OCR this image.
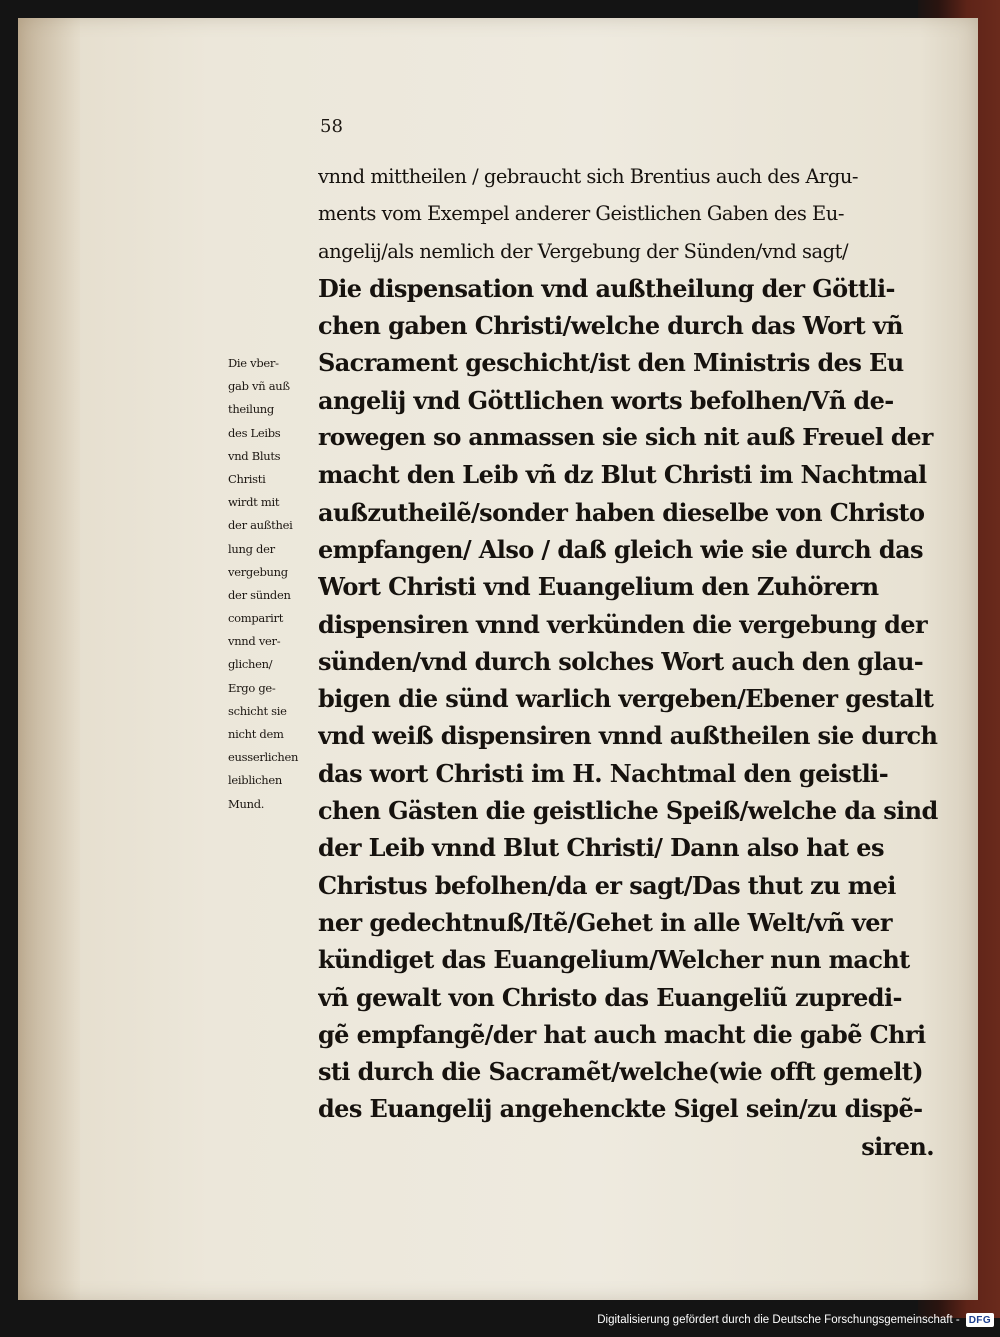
58

vnnd mittheilen / gebraucht sich Brentius auch des Argu-
ments vom Exempel anderer Geistlichen Gaben des Eu-
angelij/als nemlich der Vergebung der Sünden/vnd sagt/
Die dispensation vnd außtheilung der Göttli-
chen gaben Christi/welche durch das Wort vñ
Sacrament geschicht/ist den Ministris des Eu
angelij vnd Göttlichen worts befolhen/Vñ de-
rowegen so anmassen sie sich nit auß Freuel der
macht den Leib vñ dz Blut Christi im Nachtmal
außzutheilẽ/sonder haben dieselbe von Christo
empfangen/ Also / daß gleich wie sie durch das
Wort Christi vnd Euangelium den Zuhörern
dispensiren vnnd verkünden die vergebung der
sünden/vnd durch solches Wort auch den glau-
bigen die sünd warlich vergeben/Ebener gestalt
vnd weiß dispensiren vnnd außtheilen sie durch
das wort Christi im H. Nachtmal den geistli-
chen Gästen die geistliche Speiß/welche da sind
der Leib vnnd Blut Christi/ Dann also hat es
Christus befolhen/da er sagt/Das thut zu mei
ner gedechtnuß/Itẽ/Gehet in alle Welt/vñ ver
kündiget das Euangelium/Welcher nun macht
vñ gewalt von Christo das Euangeliũ zupredi-
gẽ empfangẽ/der hat auch macht die gabẽ Chri
sti durch die Sacramẽt/welche(wie offt gemelt)
des Euangelij angehenckte Sigel sein/zu dispẽ-
siren.
Die vber-
gab vñ auß
theilung
des Leibs
vnd Bluts
Christi
wirdt mit
der außthei
lung der
vergebung
der sünden
comparirt
vnnd ver-
glichen/
Ergo ge-
schicht sie
nicht dem
eusserlichen
leiblichen
Mund.
Digitalisierung gefördert durch die Deutsche Forschungsgemeinschaft - DFG
